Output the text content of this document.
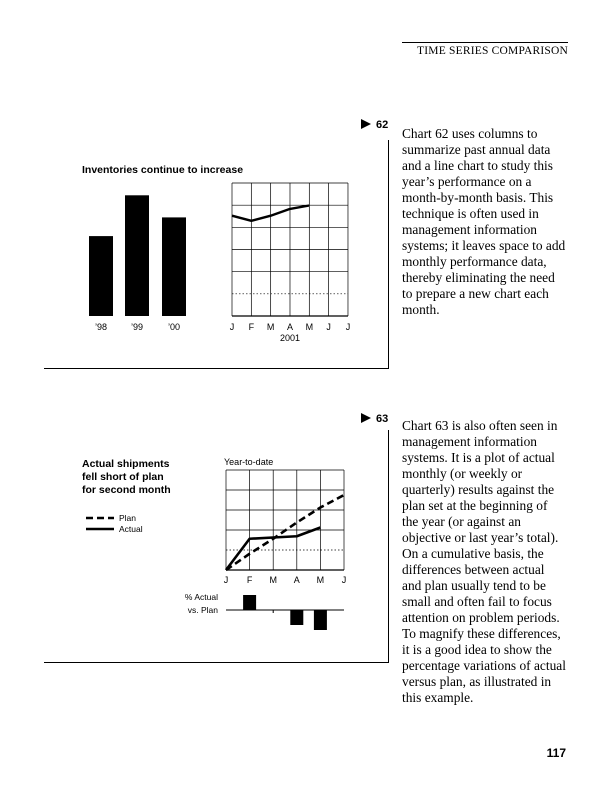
TIME SERIES COMPARISON
Inventories continue to increase
’98	’99	’00	J F M A M J J
2001
62
Chart 62 uses columns to summarize past annual data and a line chart to study this year’s performance on a month-by-month basis. This technique is often used in management information systems; it leaves space to add monthly performance data, thereby eliminating the need to prepare a new chart each month.
Actual shipments
fell short of plan
for second month
Plan
Actual
Year-to-date
J F M A M J
% Actual
vs. Plan
63 Chart 63 is also often seen in management information systems. It is a plot of actual monthly (or weekly or quarterly) results against the plan set at the beginning of the year (or against an objective or last year’s total). On a cumulative basis, the differences between actual and plan usually tend to be small and often fail to focus attention on problem periods. To magnify these differences, it is a good idea to show the percentage variations of actual versus plan, as illustrated in this example.
117
